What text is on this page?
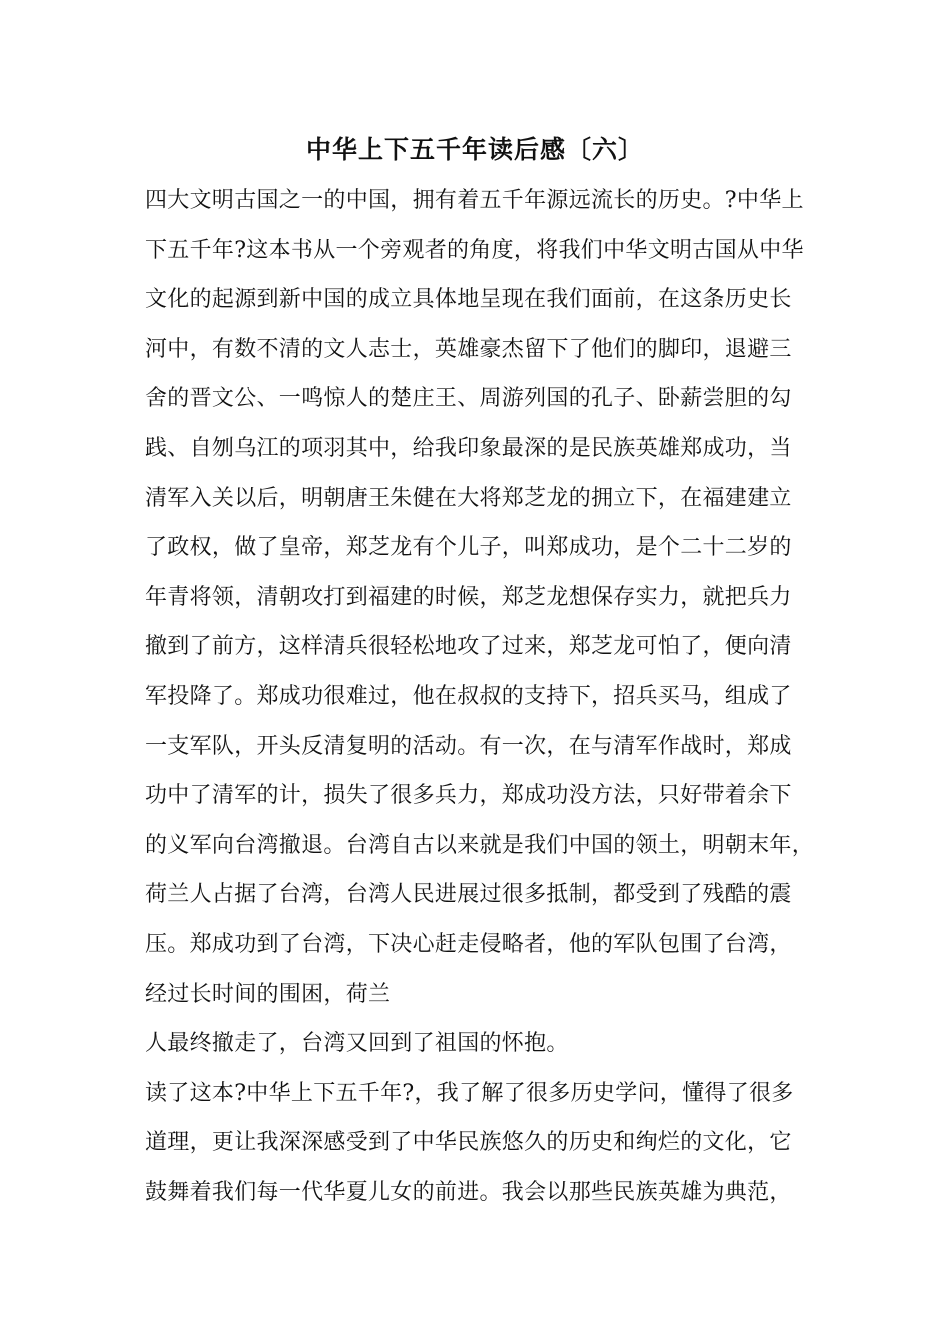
中华上下五千年读后感〔六〕
四大文明古国之一的中国，拥有着五千年源远流长的历史。?中华上
下五千年?这本书从一个旁观者的角度，将我们中华文明古国从中华
文化的起源到新中国的成立具体地呈现在我们面前，在这条历史长
河中，有数不清的文人志士，英雄豪杰留下了他们的脚印，退避三
舍的晋文公、一鸣惊人的楚庄王、周游列国的孔子、卧薪尝胆的勾
践、自刎乌江的项羽其中，给我印象最深的是民族英雄郑成功，当
清军入关以后，明朝唐王朱健在大将郑芝龙的拥立下，在福建建立
了政权，做了皇帝，郑芝龙有个儿子，叫郑成功，是个二十二岁的
年青将领，清朝攻打到福建的时候，郑芝龙想保存实力，就把兵力
撤到了前方，这样清兵很轻松地攻了过来，郑芝龙可怕了，便向清
军投降了。郑成功很难过，他在叔叔的支持下，招兵买马，组成了
一支军队，开头反清复明的活动。有一次，在与清军作战时，郑成
功中了清军的计，损失了很多兵力，郑成功没方法，只好带着余下
的义军向台湾撤退。台湾自古以来就是我们中国的领土，明朝末年，
荷兰人占据了台湾，台湾人民进展过很多抵制，都受到了残酷的震
压。郑成功到了台湾，下决心赶走侵略者，他的军队包围了台湾，
经过长时间的围困，荷兰
人最终撤走了，台湾又回到了祖国的怀抱。
读了这本?中华上下五千年?，我了解了很多历史学问，懂得了很多
道理，更让我深深感受到了中华民族悠久的历史和绚烂的文化，它
鼓舞着我们每一代华夏儿女的前进。我会以那些民族英雄为典范，
